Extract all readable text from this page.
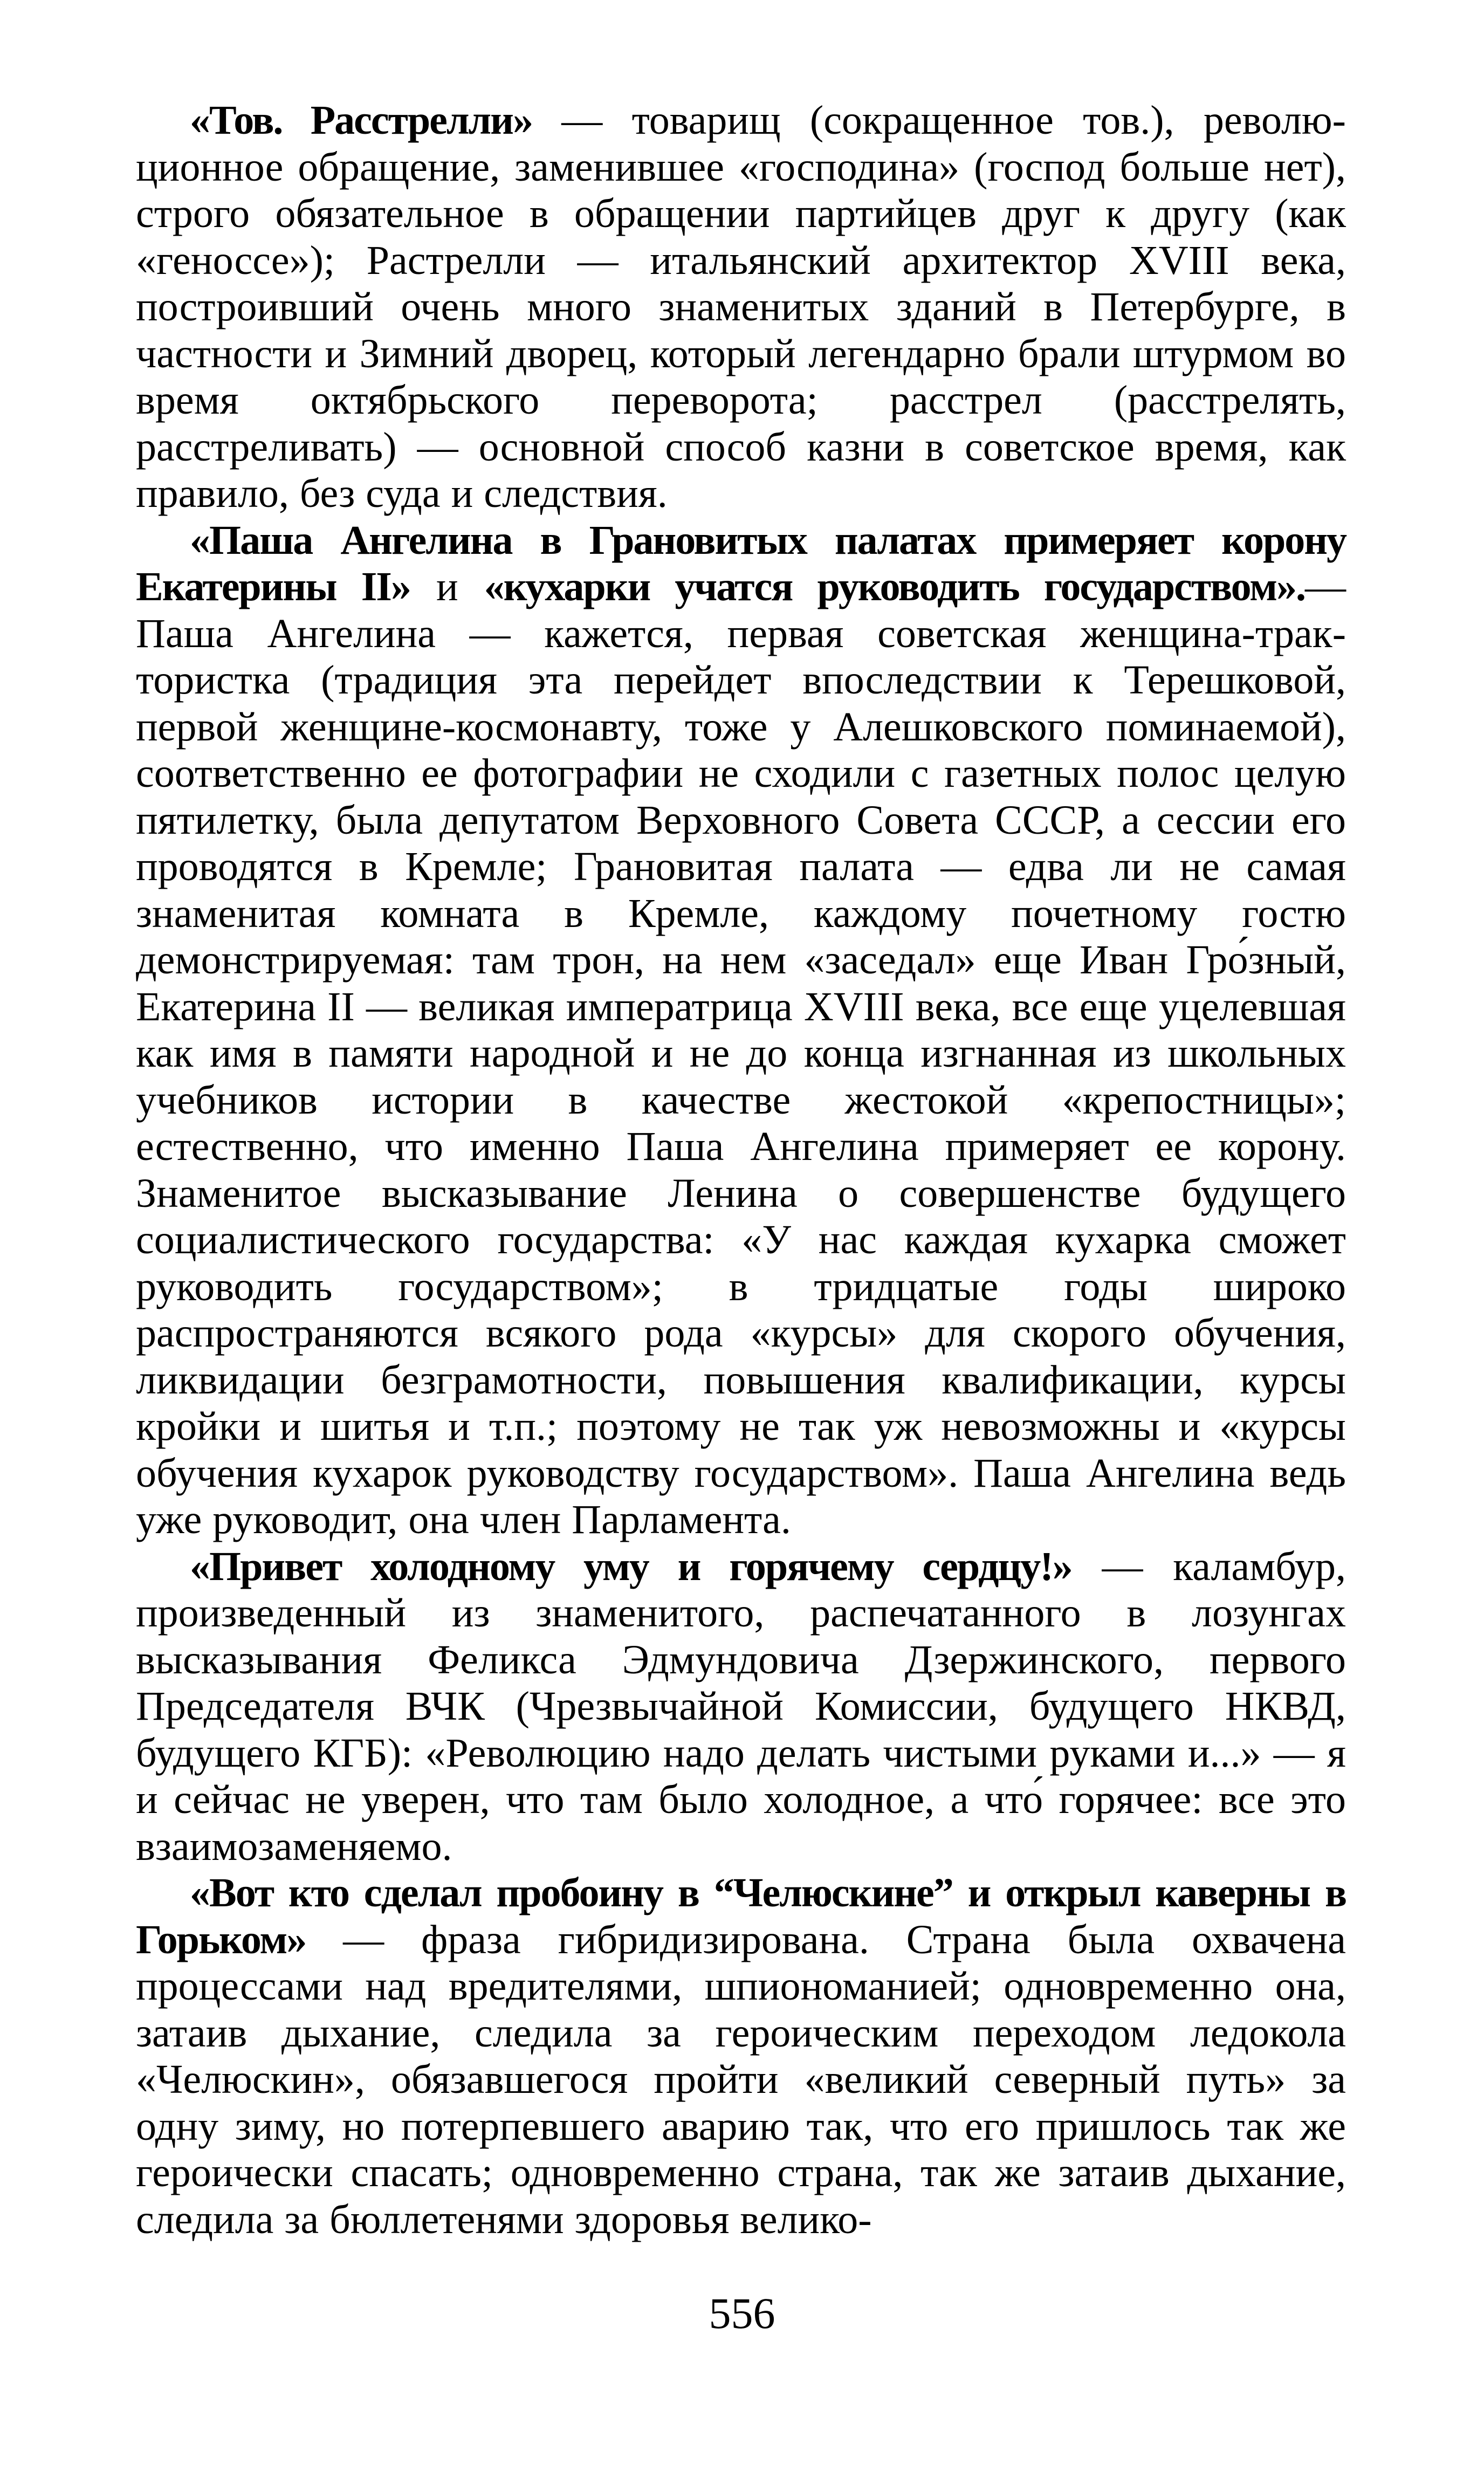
«Тов. Расстрелли» — товарищ (сокращенное тов.), революционное обращение, заменившее «господина» (господ больше нет), строго обязательное в обращении партийцев друг к другу (как «геноссе»); Растрелли — итальянский архитектор XVIII века, построивший очень много знаменитых зданий в Петербурге, в частности и Зимний дворец, который легендарно брали штурмом во время октябрьского переворота; расстрел (расстрелять, расстреливать) — основной способ казни в советское время, как правило, без суда и следствия.

«Паша Ангелина в Грановитых палатах примеряет корону Екатерины II» и «кухарки учатся руководить государством».— Паша Ангелина — кажется, первая советская женщина-трактористка (традиция эта перейдет впоследствии к Терешковой, первой женщине-космонавту, тоже у Алешковского поминаемой), соответственно ее фотографии не сходили с газетных полос целую пятилетку, была депутатом Верховного Совета СССР, а сессии его проводятся в Кремле; Грановитая палата — едва ли не самая знаменитая комната в Кремле, каждому почетному гостю демонстрируемая: там трон, на нем «заседал» еще Иван Гро́зный, Екатерина II — великая императрица XVIII века, все еще уцелевшая как имя в памяти народной и не до конца изгнанная из школьных учебников истории в качестве жестокой «крепостницы»; естественно, что именно Паша Ангелина примеряет ее корону. Знаменитое высказывание Ленина о совершенстве будущего социалистического государства: «У нас каждая кухарка сможет руководить государством»; в тридцатые годы широко распространяются всякого рода «курсы» для скорого обучения, ликвидации безграмотности, повышения квалификации, курсы кройки и шитья и т.п.; поэтому не так уж невозможны и «курсы обучения кухарок руководству государством». Паша Ангелина ведь уже руководит, она член Парламента.

«Привет холодному уму и горячему сердцу!» — каламбур, произведенный из знаменитого, распечатанного в лозунгах высказывания Феликса Эдмундовича Дзержинского, первого Председателя ВЧК (Чрезвычайной Комиссии, будущего НКВД, будущего КГБ): «Революцию надо делать чистыми руками и...» — я и сейчас не уверен, что там было холодное, а что́ горячее: все это взаимозаменяемо.

«Вот кто сделал пробоину в “Челюскине” и открыл каверны в Горьком» — фраза гибридизирована. Страна была охвачена процессами над вредителями, шпиономанией; одновременно она, затаив дыхание, следила за героическим переходом ледокола «Челюскин», обязавшегося пройти «великий северный путь» за одну зиму, но потерпевшего аварию так, что его пришлось так же героически спасать; одновременно страна, так же затаив дыхание, следила за бюллетенями здоровья велико-

556
